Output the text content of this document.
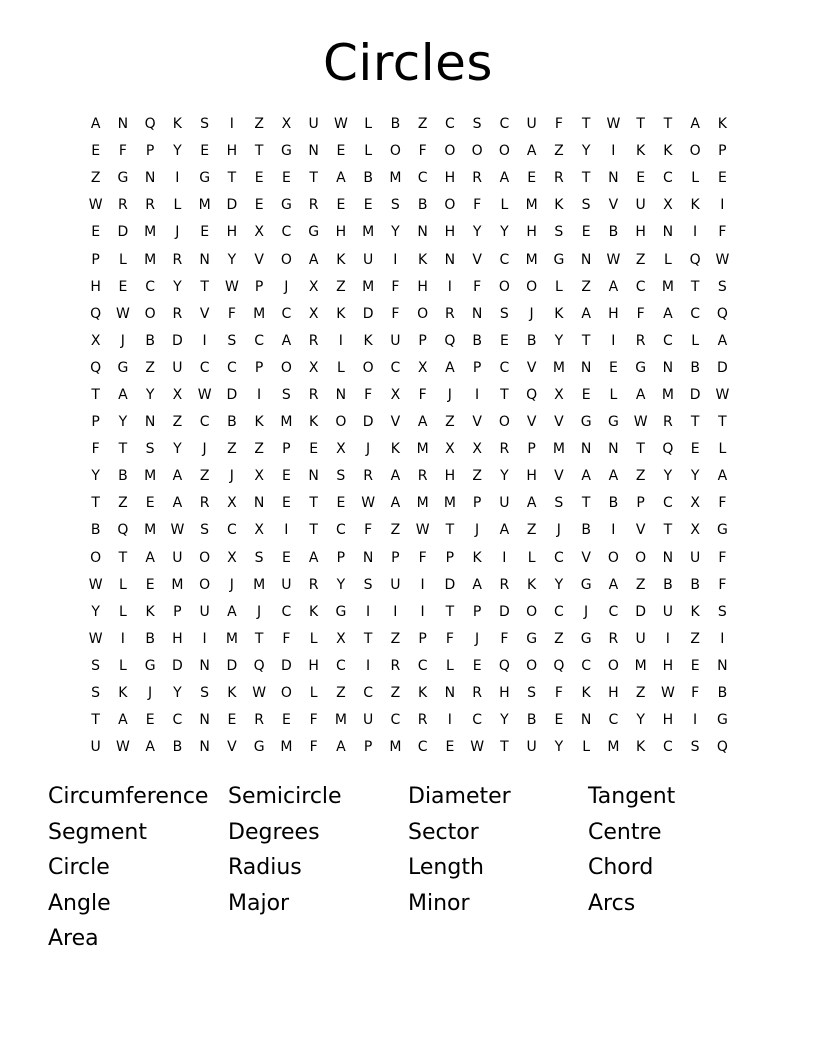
Circles
A	N	Q	K	S	I	Z	X	U	W	L	B	Z	C	S	C	U	F	T	W	T	T	A	K
E	F	P	Y	E	H	T	G	N	E	L	O	F	O	O	O	A	Z	Y	I	K	K	O	P
Z	G	N	I	G	T	E	E	T	A	B	M	C	H	R	A	E	R	T	N	E	C	L	E
W	R	R	L	M	D	E	G	R	E	E	S	B	O	F	L	M	K	S	V	U	X	K	I
E	D	M	J	E	H	X	C	G	H	M	Y	N	H	Y	Y	H	S	E	B	H	N	I	F
P	L	M	R	N	Y	V	O	A	K	U	I	K	N	V	C	M	G	N	W	Z	L	Q	W
H	E	C	Y	T	W	P	J	X	Z	M	F	H	I	F	O	O	L	Z	A	C	M	T	S
Q	W	O	R	V	F	M	C	X	K	D	F	O	R	N	S	J	K	A	H	F	A	C	Q
X	J	B	D	I	S	C	A	R	I	K	U	P	Q	B	E	B	Y	T	I	R	C	L	A
Q	G	Z	U	C	C	P	O	X	L	O	C	X	A	P	C	V	M	N	E	G	N	B	D
T	A	Y	X	W	D	I	S	R	N	F	X	F	J	I	T	Q	X	E	L	A	M	D	W
P	Y	N	Z	C	B	K	M	K	O	D	V	A	Z	V	O	V	V	G	G	W	R	T	T
F	T	S	Y	J	Z	Z	P	E	X	J	K	M	X	X	R	P	M	N	N	T	Q	E	L
Y	B	M	A	Z	J	X	E	N	S	R	A	R	H	Z	Y	H	V	A	A	Z	Y	Y	A
T	Z	E	A	R	X	N	E	T	E	W	A	M	M	P	U	A	S	T	B	P	C	X	F
B	Q	M	W	S	C	X	I	T	C	F	Z	W	T	J	A	Z	J	B	I	V	T	X	G
O	T	A	U	O	X	S	E	A	P	N	P	F	P	K	I	L	C	V	O	O	N	U	F
W	L	E	M	O	J	M	U	R	Y	S	U	I	D	A	R	K	Y	G	A	Z	B	B	F
Y	L	K	P	U	A	J	C	K	G	I	I	I	T	P	D	O	C	J	C	D	U	K	S
W	I	B	H	I	M	T	F	L	X	T	Z	P	F	J	F	G	Z	G	R	U	I	Z	I
S	L	G	D	N	D	Q	D	H	C	I	R	C	L	E	Q	O	Q	C	O	M	H	E	N
S	K	J	Y	S	K	W	O	L	Z	C	Z	K	N	R	H	S	F	K	H	Z	W	F	B
T	A	E	C	N	E	R	E	F	M	U	C	R	I	C	Y	B	E	N	C	Y	H	I	G
U	W	A	B	N	V	G	M	F	A	P	M	C	E	W	T	U	Y	L	M	K	C	S	Q
Circumference Semicircle	Diameter	Tangent
Segment	Degrees	Sector	Centre
Circle	Radius	Length	Chord
Angle	Major	Minor	Arcs
Area
